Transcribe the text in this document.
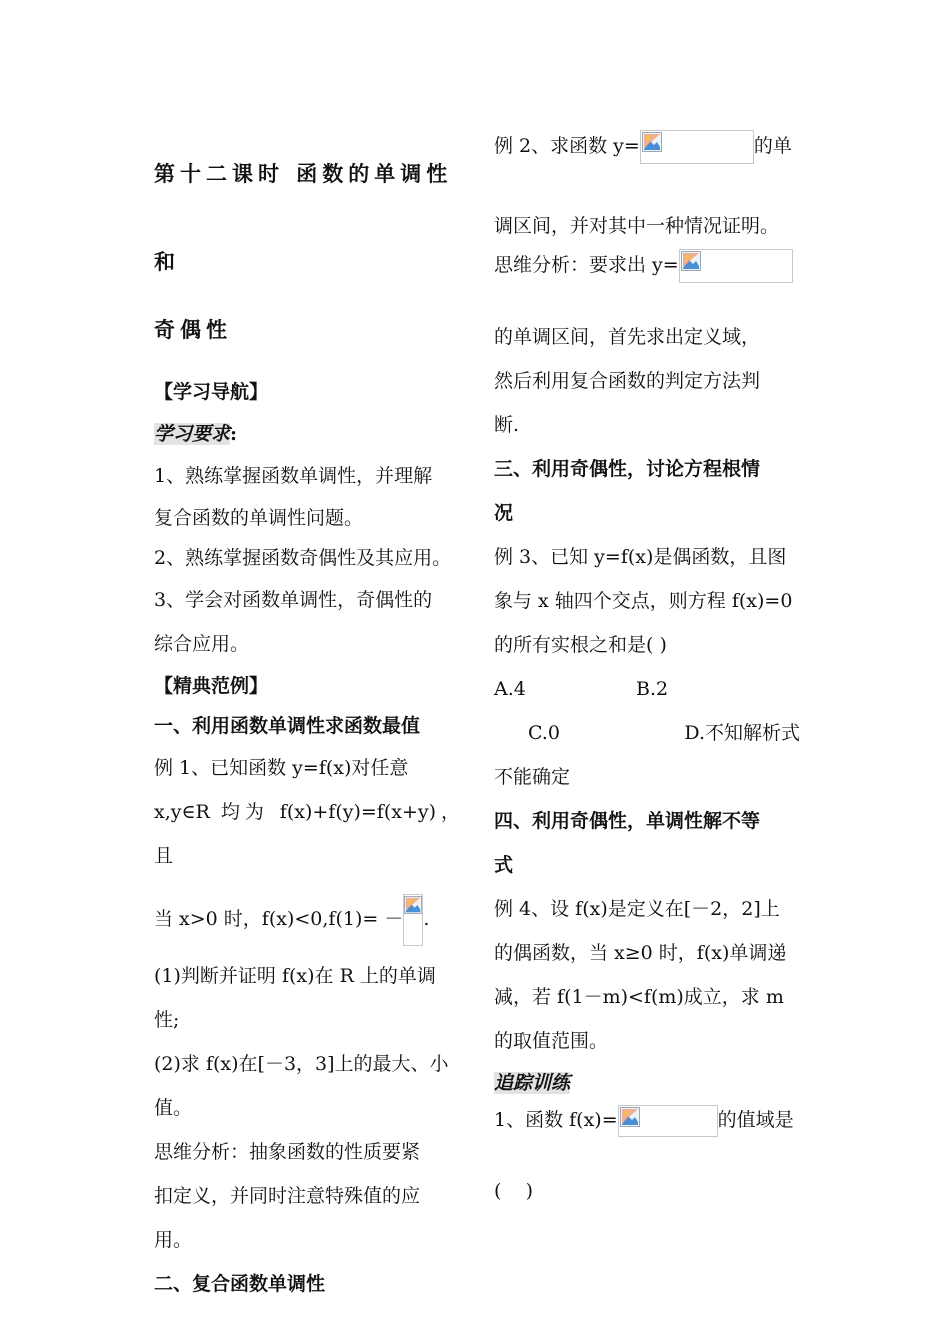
第十二课时 函数的单调性和

奇偶性

【学习导航】

学习要求:

1、熟练掌握函数单调性，并理解

复合函数的单调性问题。

2、熟练掌握函数奇偶性及其应用。

3、学会对函数单调性，奇偶性的

综合应用。

【精典范例】

一、利用函数单调性求函数最值

例 1、已知函数 y=f(x)对任意

x,y∈R 均为 f(x)+f(y)=f(x+y)， 且

当 x>0 时，f(x)<0,f(1)= － .

(1)判断并证明 f(x)在 R 上的单调

性;

(2)求 f(x)在[－3，3]上的最大、小

值。

思维分析：抽象函数的性质要紧

扣定义，并同时注意特殊值的应

用。

二、复合函数单调性

例 2、求函数 y=	的单

调区间，并对其中一种情况证明。

思维分析：要求出 y=

的单调区间，首先求出定义域，

然后利用复合函数的判定方法判

断.

三、利用奇偶性，讨论方程根情

况

例 3、已知 y=f(x)是偶函数，且图

象与 x 轴四个交点，则方程 f(x)=0

的所有实根之和是( )

A.4	B.2
C.0	D.不知解析式

不能确定

四、利用奇偶性，单调性解不等

式

例 4、设 f(x)是定义在[－2，2]上

的偶函数，当 x≥0 时，f(x)单调递

减，若 f(1－m)<f(m)成立，求 m

的取值范围。

追踪训练

1、函数 f(x)=	的值域是

(    )
